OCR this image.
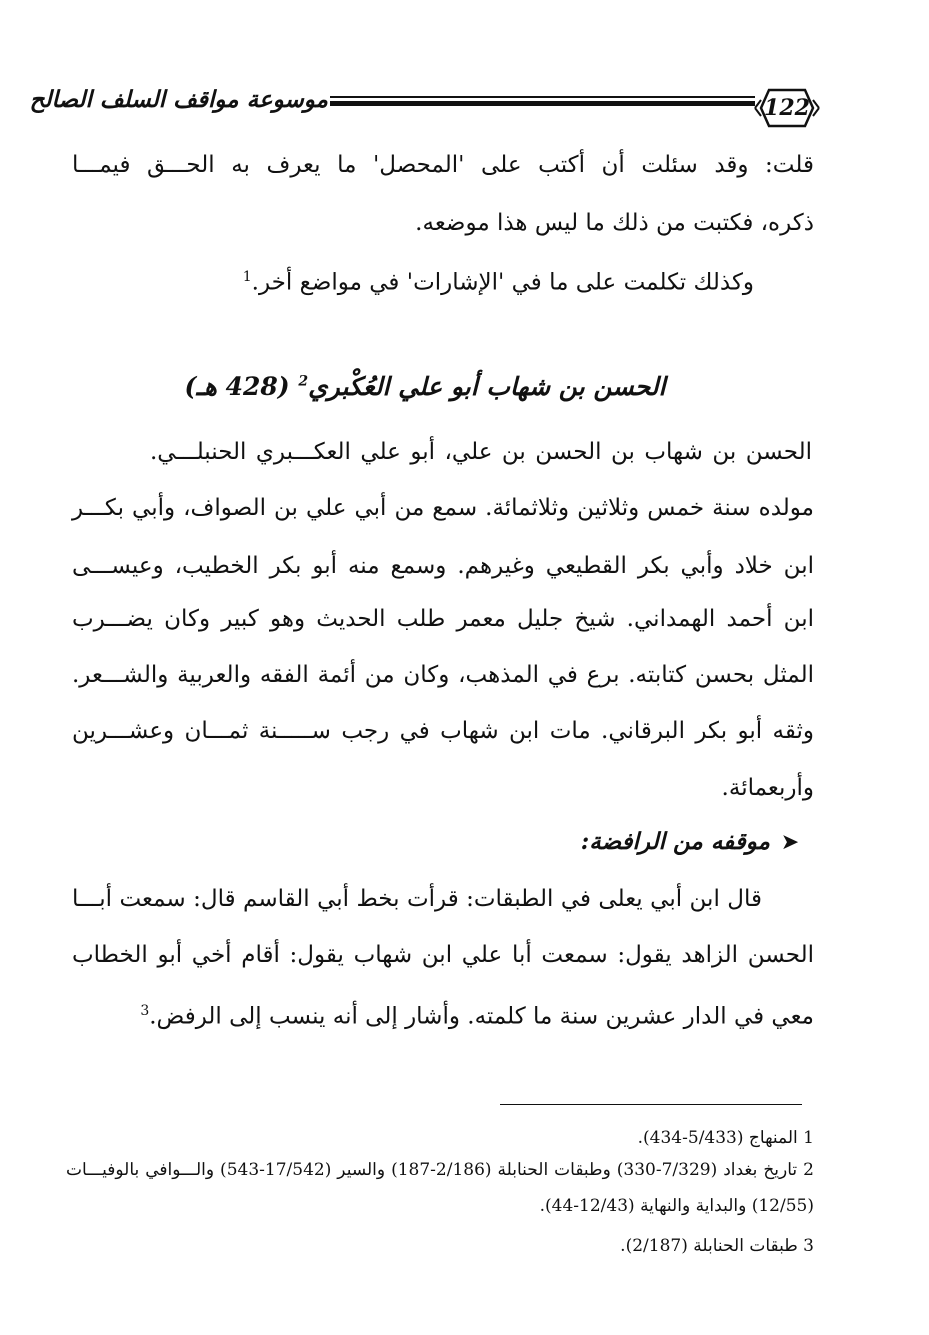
موسوعة مواقف السلف الصالح	122
قلت: وقد سئلت أن أكتب على 'المحصل' ما يعرف به الحـــق فيمـــا
ذكره، فكتبت من ذلك ما ليس هذا موضعه.
وكذلك تكلمت على ما في 'الإشارات' في مواضع أخر.$^1$
الحسن بن شهاب أبو علي العُكْبري$^2$ (428 هـ)
الحسن بن شهاب بن الحسن بن علي، أبو علي العكـــبري الحنبلـــي.
مولده سنة خمس وثلاثين وثلاثمائة. سمع من أبي علي بن الصواف، وأبي بكـــر
ابن خلاد وأبي بكر القطيعي وغيرهم. وسمع منه أبو بكر الخطيب، وعيســـى
ابن أحمد الهمداني. شيخ جليل معمر طلب الحديث وهو كبير وكان يضـــرب
المثل بحسن كتابته. برع في المذهب، وكان من أئمة الفقه والعربية والشـــعر.
وثقه أبو بكر البرقاني. مات ابن شهاب في رجب ســـــنة ثمـــان وعشـــرين
وأربعمائة.
➤
موقفه من الرافضة:
قال ابن أبي يعلى في الطبقات: قرأت بخط أبي القاسم قال: سمعت أبـــا
الحسن الزاهد يقول: سمعت أبا علي ابن شهاب يقول: أقام أخي أبو الخطاب
معي في الدار عشرين سنة ما كلمته. وأشار إلى أنه ينسب إلى الرفض.$^3$
1 المنهاج (5/433-434).
2 تاريخ بغداد (7/329-330) وطبقات الحنابلة (2/186-187) والسير (17/542-543) والـــوافي بالوفيـــات
(12/55) والبداية والنهاية (12/43-44).
3 طبقات الحنابلة (2/187).
